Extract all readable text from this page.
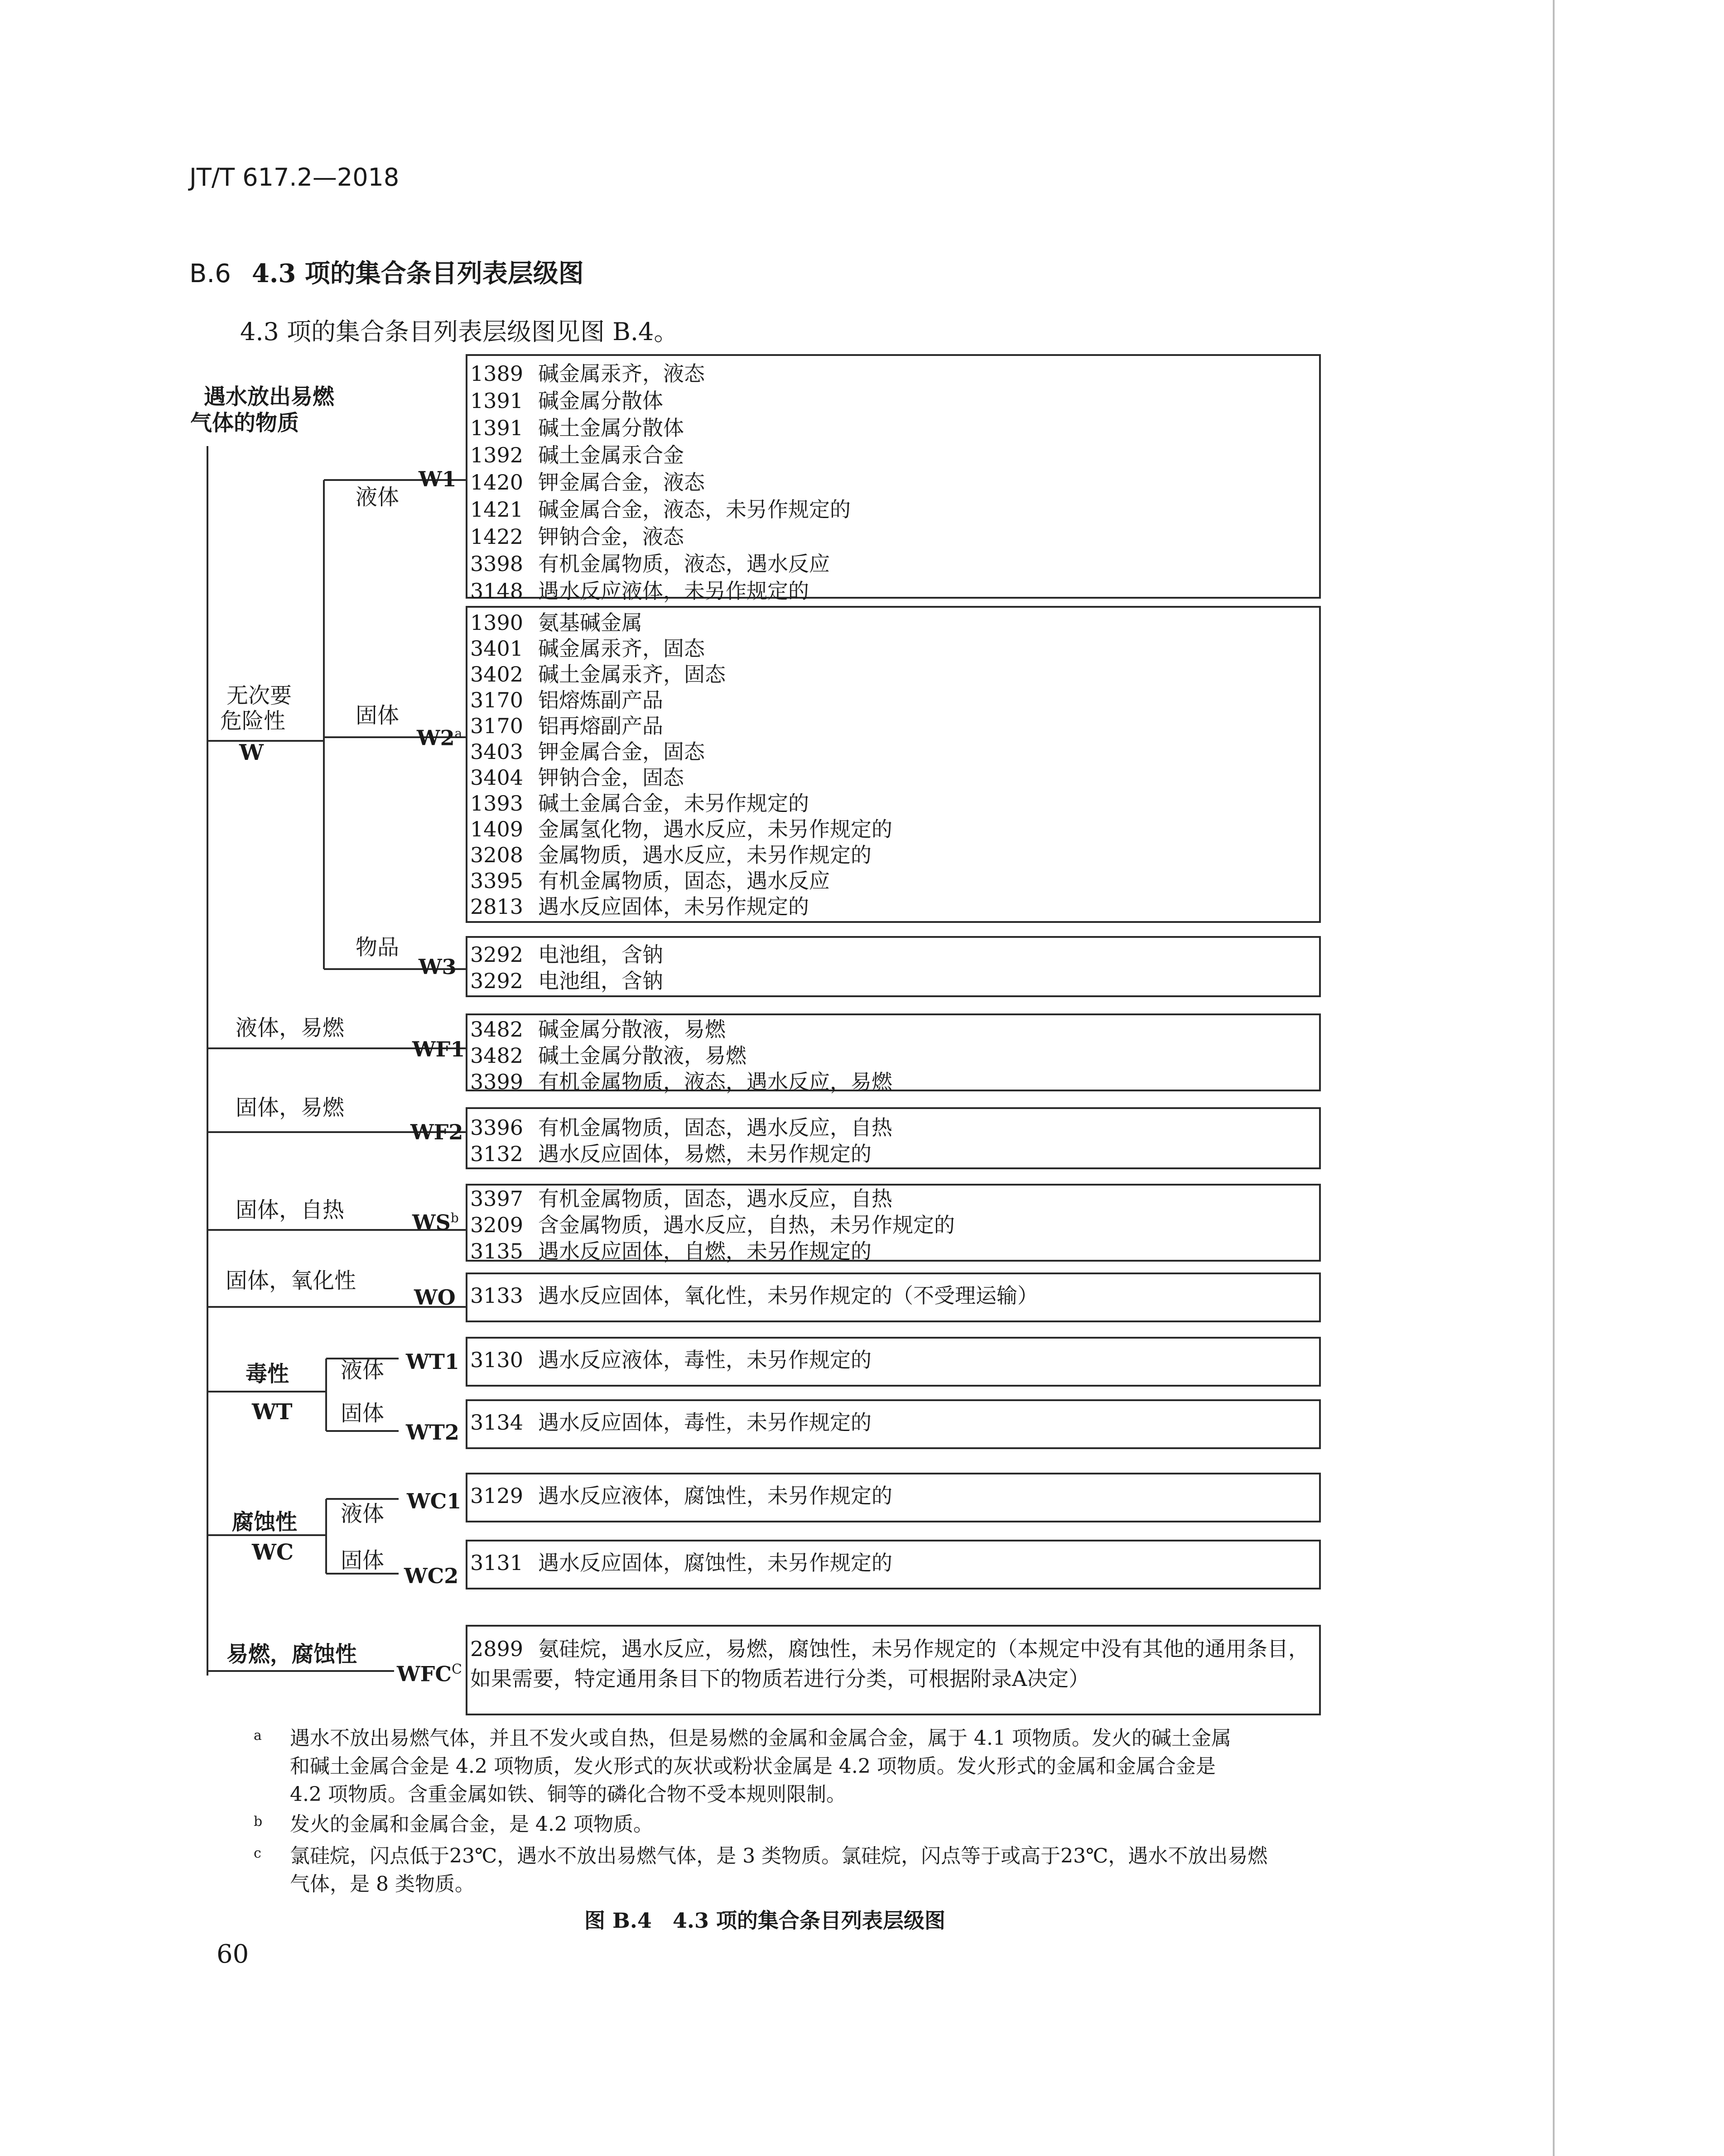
JT/T 617.2—2018
B.6 4.3 项的集合条目列表层级图
4.3 项的集合条目列表层级图见图 B.4。
遇水放出易燃
气体的物质
无次要
危险性
W
液体
固体
物品
液体，易燃
固体，易燃
固体，自热
固体，氧化性
毒性
WT
液体
固体
腐蚀性
WC
液体
固体
易燃，腐蚀性
W1
W2$^a$
W3
WF1
WF2
$WS^b$
WO
WT1
WT2
WC1
WC2
$WFC^C$
1389 碱金属汞齐，液态
1391 碱金属分散体
1391 碱土金属分散体
1392 碱土金属汞合金
1420 钾金属合金，液态
1421 碱金属合金，液态，未另作规定的
1422 钾钠合金，液态
3398 有机金属物质，液态，遇水反应
3148 遇水反应液体，未另作规定的
1390 氨基碱金属
3401 碱金属汞齐，固态
3402 碱土金属汞齐，固态
3170 铝熔炼副产品
3170 铝再熔副产品
3403 钾金属合金，固态
3404 钾钠合金，固态
1393 碱土金属合金，未另作规定的
1409 金属氢化物，遇水反应，未另作规定的
3208 金属物质，遇水反应，未另作规定的
3395 有机金属物质，固态，遇水反应
2813 遇水反应固体，未另作规定的
3292 电池组，含钠
3292 电池组，含钠
3482 碱金属分散液，易燃
3482 碱土金属分散液，易燃
3399 有机金属物质，液态，遇水反应，易燃
3396 有机金属物质，固态，遇水反应，自热
3132 遇水反应固体，易燃，未另作规定的
3397 有机金属物质，固态，遇水反应，自热
3209 含金属物质，遇水反应，自热，未另作规定的
3135 遇水反应固体，自燃，未另作规定的
3133 遇水反应固体，氧化性，未另作规定的（不受理运输）
3130 遇水反应液体，毒性，未另作规定的
3134 遇水反应固体，毒性，未另作规定的
3129 遇水反应液体，腐蚀性，未另作规定的
3131 遇水反应固体，腐蚀性，未另作规定的
2899 氨硅烷，遇水反应，易燃，腐蚀性，未另作规定的（本规定中没有其他的通用条目，
如果需要，特定通用条目下的物质若进行分类，可根据附录A决定）
a 遇水不放出易燃气体，并且不发火或自热，但是易燃的金属和金属合金，属于 4.1 项物质。发火的碱土金属
和碱土金属合金是 4.2 项物质，发火形式的灰状或粉状金属是 4.2 项物质。发火形式的金属和金属合金是
4.2 项物质。含重金属如铁、铜等的磷化合物不受本规则限制。
b 发火的金属和金属合金，是 4.2 项物质。
c 氯硅烷，闪点低于23℃，遇水不放出易燃气体，是 3 类物质。氯硅烷，闪点等于或高于23℃，遇水不放出易燃
气体，是 8 类物质。
图 B.4　4.3 项的集合条目列表层级图
60
